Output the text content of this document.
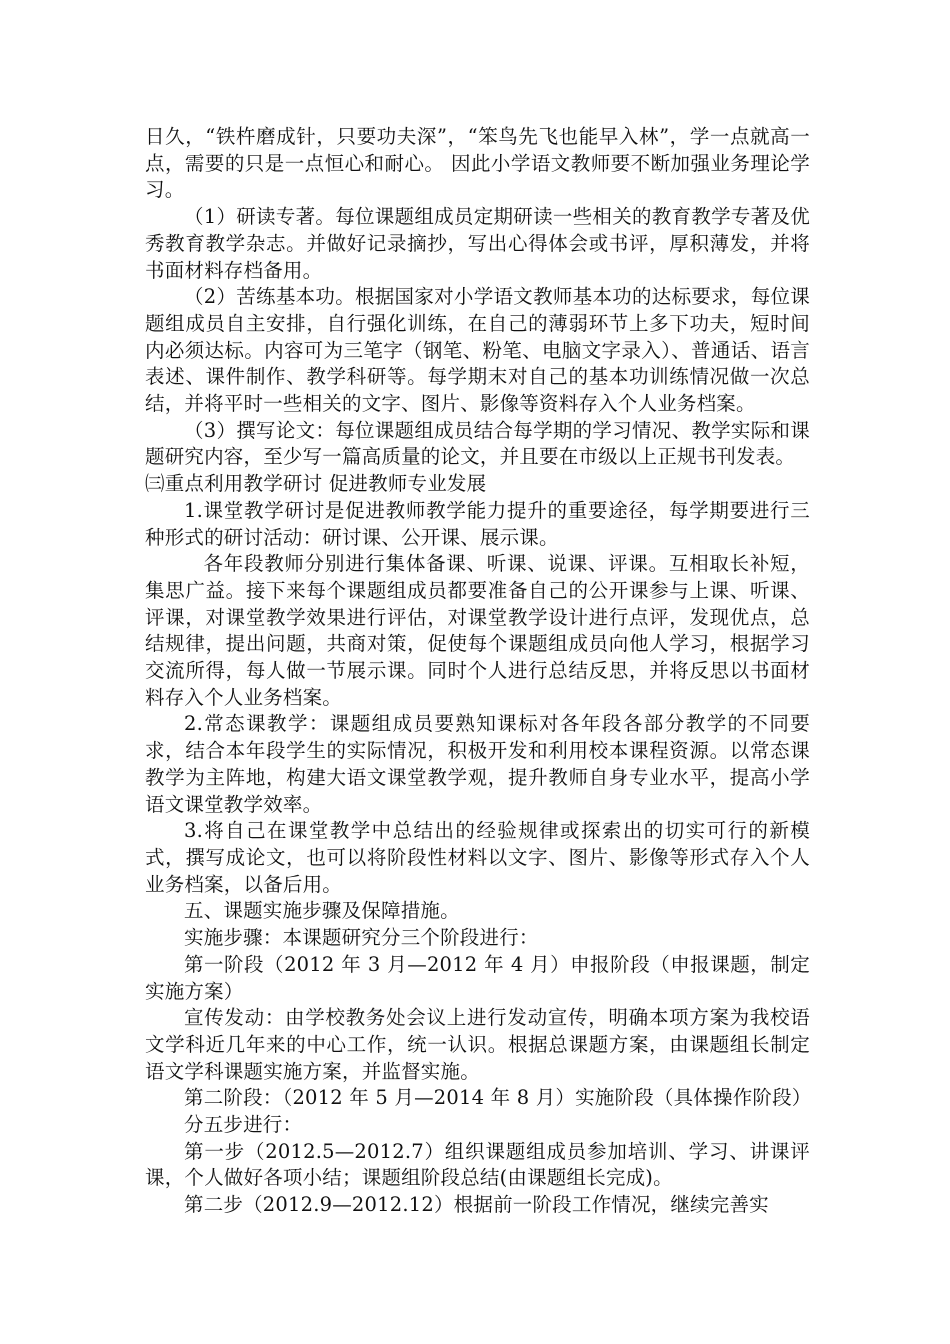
日久，“铁杵磨成针，只要功夫深”，“笨鸟先飞也能早入林”，学一点就高一点，需要的只是一点恒心和耐心。 因此小学语文教师要不断加强业务理论学习。

（1）研读专著。每位课题组成员定期研读一些相关的教育教学专著及优秀教育教学杂志。并做好记录摘抄，写出心得体会或书评，厚积薄发，并将书面材料存档备用。

（2）苦练基本功。根据国家对小学语文教师基本功的达标要求，每位课题组成员自主安排，自行强化训练，在自己的薄弱环节上多下功夫，短时间内必须达标。内容可为三笔字（钢笔、粉笔、电脑文字录入）、普通话、语言表述、课件制作、教学科研等。每学期末对自己的基本功训练情况做一次总结，并将平时一些相关的文字、图片、影像等资料存入个人业务档案。

（3）撰写论文：每位课题组成员结合每学期的学习情况、教学实际和课题研究内容，至少写一篇高质量的论文，并且要在市级以上正规书刊发表。

㈢重点利用教学研讨 促进教师专业发展

1.课堂教学研讨是促进教师教学能力提升的重要途径，每学期要进行三种形式的研讨活动：研讨课、公开课、展示课。

各年段教师分别进行集体备课、听课、说课、评课。互相取长补短，集思广益。接下来每个课题组成员都要准备自己的公开课参与上课、听课、评课，对课堂教学效果进行评估，对课堂教学设计进行点评，发现优点，总结规律，提出问题，共商对策，促使每个课题组成员向他人学习，根据学习交流所得，每人做一节展示课。同时个人进行总结反思，并将反思以书面材料存入个人业务档案。

2.常态课教学：课题组成员要熟知课标对各年段各部分教学的不同要求，结合本年段学生的实际情况，积极开发和利用校本课程资源。以常态课教学为主阵地，构建大语文课堂教学观，提升教师自身专业水平，提高小学语文课堂教学效率。

3.将自己在课堂教学中总结出的经验规律或探索出的切实可行的新模式，撰写成论文，也可以将阶段性材料以文字、图片、影像等形式存入个人业务档案，以备后用。

五、课题实施步骤及保障措施。

实施步骤：本课题研究分三个阶段进行：

第一阶段（2012 年 3 月—2012 年 4 月）申报阶段（申报课题，制定实施方案）

宣传发动：由学校教务处会议上进行发动宣传，明确本项方案为我校语文学科近几年来的中心工作，统一认识。根据总课题方案，由课题组长制定语文学科课题实施方案，并监督实施。

第二阶段：（2012 年 5 月—2014 年 8 月）实施阶段（具体操作阶段）

分五步进行：

第一步（2012.5—2012.7）组织课题组成员参加培训、学习、讲课评课，个人做好各项小结；课题组阶段总结(由课题组长完成)。

第二步（2012.9—2012.12）根据前一阶段工作情况，继续完善实
